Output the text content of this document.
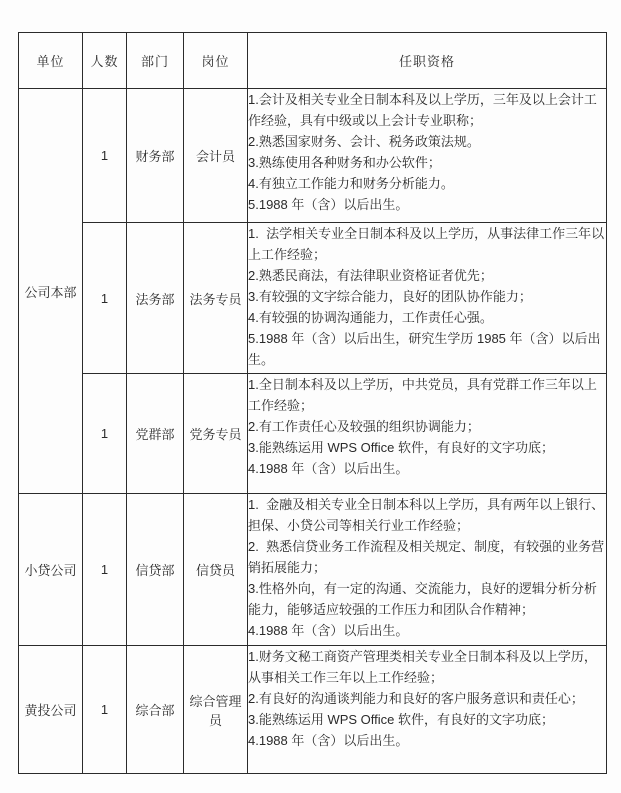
单位	人数	部门	岗位	任职资格
公司本部	1	财务部	会计员	1.会计及相关专业全日制本科及以上学历，三年及以上会计工作经验，具有中级或以上会计专业职称；
2.熟悉国家财务、会计、税务政策法规。
3.熟练使用各种财务和办公软件；
4.有独立工作能力和财务分析能力。
5.1988 年（含）以后出生。

	1	法务部	法务专员	1.  法学相关专业全日制本科及以上学历，从事法律工作三年以上工作经验；
2.熟悉民商法，有法律职业资格证者优先；
3.有较强的文字综合能力，良好的团队协作能力；
4.有较强的协调沟通能力，工作责任心强。
5.1988 年（含）以后出生，研究生学历 1985 年（含）以后出生。

	1	党群部	党务专员	1.全日制本科及以上学历，中共党员，具有党群工作三年以上工作经验；
2.有工作责任心及较强的组织协调能力；
3.能熟练运用 WPS Office 软件，有良好的文字功底；
4.1988 年（含）以后出生。

小贷公司	1	信贷部	信贷员	1.  金融及相关专业全日制本科以上学历，具有两年以上银行、担保、小贷公司等相关行业工作经验；
2.  熟悉信贷业务工作流程及相关规定、制度，有较强的业务营销拓展能力；
3.性格外向，有一定的沟通、交流能力，良好的逻辑分析分析能力，能够适应较强的工作压力和团队合作精神；
4.1988 年（含）以后出生。

黄投公司	1	综合部	综合管理员	1.财务文秘工商资产管理类相关专业全日制本科及以上学历，从事相关工作三年以上工作经验；
2.有良好的沟通谈判能力和良好的客户服务意识和责任心；
3.能熟练运用 WPS Office 软件，有良好的文字功底；
4.1988 年（含）以后出生。
